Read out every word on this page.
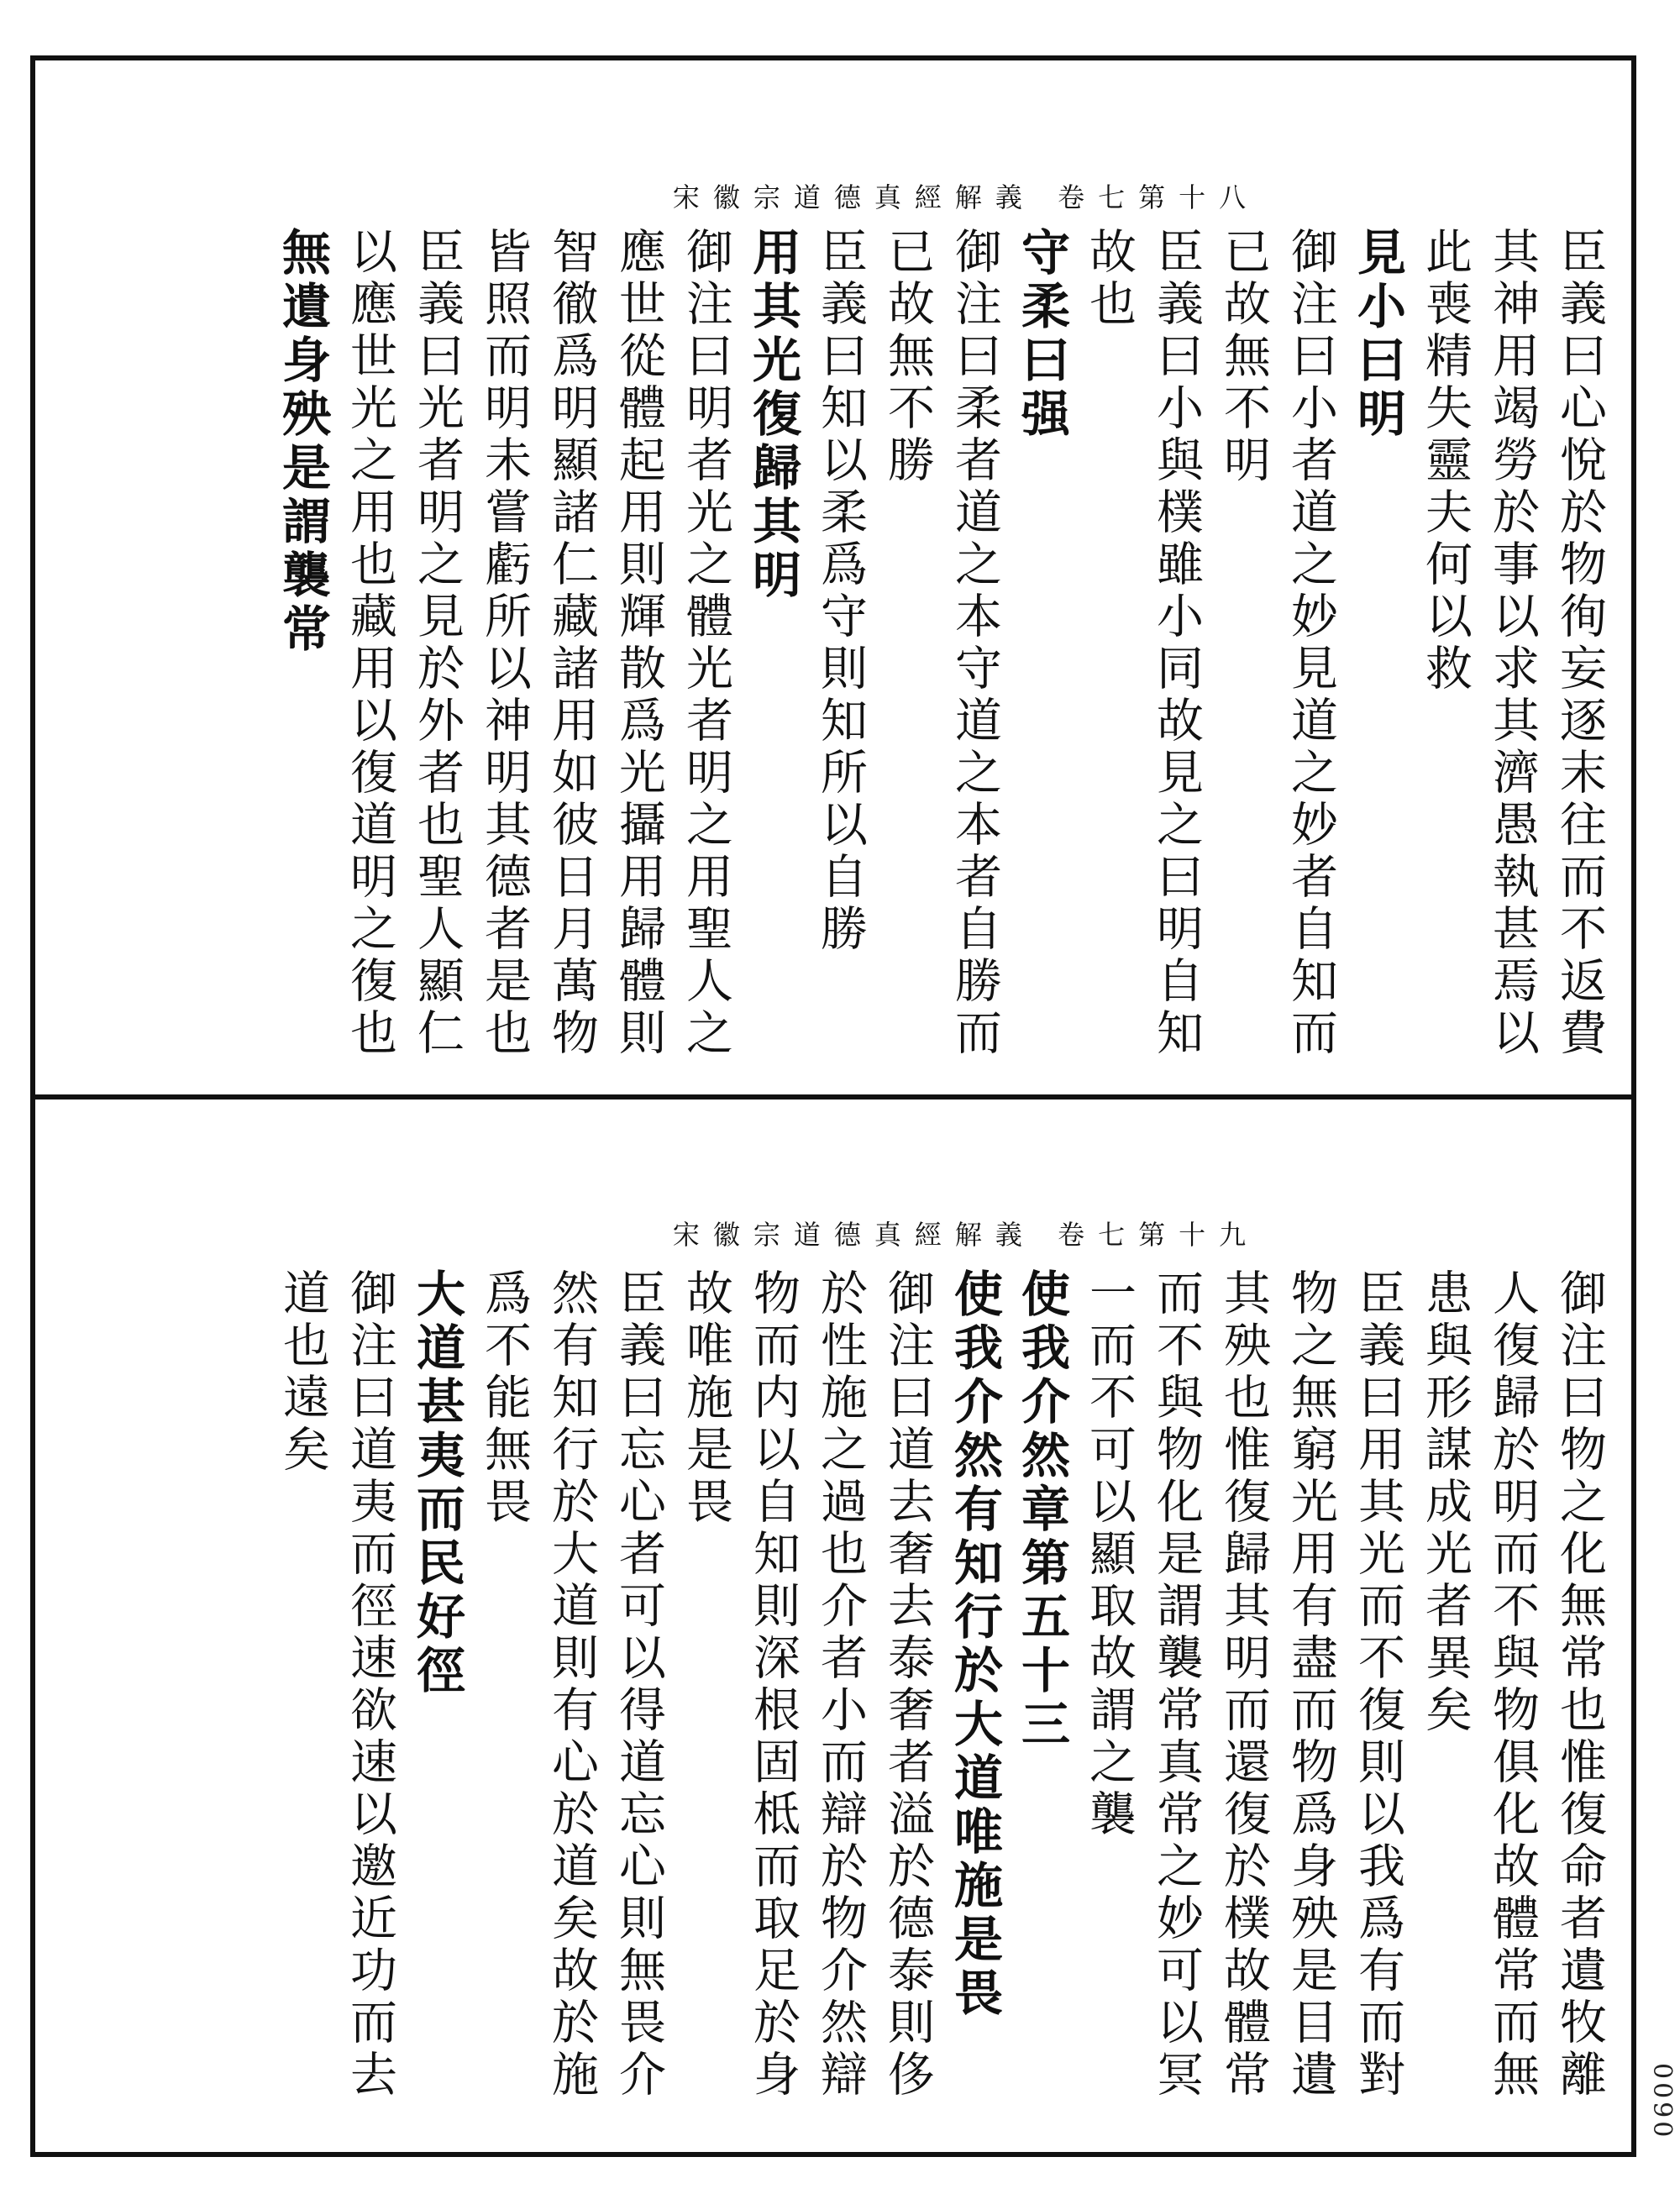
宋徽宗道德真經解義 卷七第十八
臣義曰心悅於物徇妄逐末往而不返費
其神用竭勞於事以求其濟愚執甚焉以
此喪精失靈夫何以救
見小曰明
御注曰小者道之妙見道之妙者自知而
已故無不明
臣義曰小與樸雖小同故見之曰明自知
故也
守柔曰强
御注曰柔者道之本守道之本者自勝而
已故無不勝
臣義曰知以柔爲守則知所以自勝
用其光復歸其明
御注曰明者光之體光者明之用聖人之
應世從體起用則輝散爲光攝用歸體則
智徹爲明顯諸仁藏諸用如彼日月萬物
皆照而明未嘗虧所以神明其德者是也
臣義曰光者明之見於外者也聖人顯仁
以應世光之用也藏用以復道明之復也
無遺身殃是謂襲常
宋徽宗道德真經解義 卷七第十九
御注曰物之化無常也惟復命者遺牧離
人復歸於明而不與物俱化故體常而無
患與形謀成光者異矣
臣義曰用其光而不復則以我爲有而對
物之無窮光用有盡而物爲身殃是目遺
其殃也惟復歸其明而還復於樸故體常
而不與物化是謂襲常真常之妙可以冥
一而不可以顯取故謂之襲
使我介然章第五十三
使我介然有知行於大道唯施是畏
御注曰道去奢去泰奢者溢於德泰則侈
於性施之過也介者小而辯於物介然辯
物而内以自知則深根固柢而取足於身
故唯施是畏
臣義曰忘心者可以得道忘心則無畏介
然有知行於大道則有心於道矣故於施
爲不能無畏
大道甚夷而民好徑
御注曰道夷而徑速欲速以邀近功而去
道也遠矣
0090
